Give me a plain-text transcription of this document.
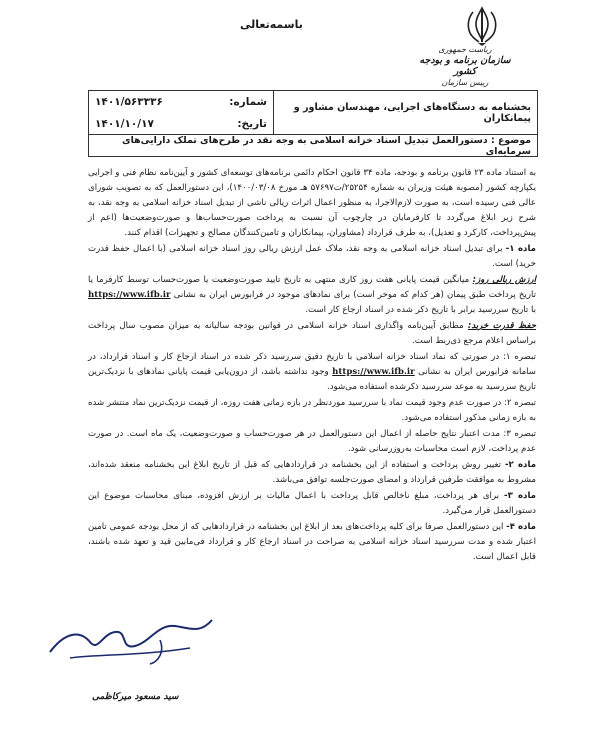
ریاست جمهوری
سازمان برنامه و بودجه کشور
رییس سازمان
باسمه‌تعالی
شماره:
۱۴۰۱/۵۶۳۳۳۶
تاریخ:
۱۴۰۱/۱۰/۱۷
بخشنامه به دستگاه‌های اجرایی، مهندسان مشاور و پیمانکاران
موضوع : دستورالعمل تبدیل اسناد خزانه اسلامی به وجه نقد در طرح‌های تملک دارایی‌های سرمایه‌ای

به استناد ماده ۲۳ قانون برنامه و بودجه، ماده ۳۴ قانون احکام دائمی برنامه‌های توسعه‌ای کشور و آیین‌نامه نظام فنی و اجرایی یکپارچه کشور (مصوبه هیئت وزیران به شماره ۲۵۲۵۴/ت۵۷۶۹۷ هـ مورخ ۱۴۰۰/۰۳/۰۸)، این دستورالعمل که به تصویب شورای عالی فنی رسیده است، به صورت لازم‌الاجرا، به منظور اعمال اثرات ریالی ناشی از تبدیل اسناد خزانه اسلامی به وجه نقد، به شرح زیر ابلاغ می‌گردد تا کارفرمایان در چارچوب آن نسبت به پرداخت صورت‌حساب‌ها و صورت‌وضعیت‌ها (اعم از پیش‌پرداخت، کارکرد و تعدیل)، به طرف قرارداد (مشاوران، پیمانکاران و تامین‌کنندگان مصالح و تجهیزات) اقدام کنند.

ماده ۱- برای تبدیل اسناد خزانه اسلامی به وجه نقد، ملاک عمل ارزش ریالی روز اسناد خزانه اسلامی (با اعمال حفظ قدرت خرید) است.

ارزش ریالی روز: میانگین قیمت پایانی هفت روز کاری منتهی به تاریخ تایید صورت‌وضعیت یا صورت‌حساب توسط کارفرما یا تاریخ پرداخت طبق پیمان (هر کدام که موخر است) برای نمادهای موجود در فرابورس ایران به نشانی https://www.ifb.ir با تاریخ سررسید برابر با تاریخ ذکر شده در اسناد ارجاع کار است.

حفظ قدرت خرید: مطابق آیین‌نامه واگذاری اسناد خزانه اسلامی در قوانین بودجه سالیانه به میزان مصوب سال پرداخت براساس اعلام مرجع ذی‌ربط است.

تبصره ۱: در صورتی که نماد اسناد خزانه اسلامی با تاریخ دقیق سررسید ذکر شده در اسناد ارجاع کار و اسناد قرارداد، در سامانه فرابورس ایران به نشانی https://www.ifb.ir وجود نداشته باشد، از درون‌یابی قیمت پایانی نمادهای با نزدیک‌ترین تاریخ سررسید به موعد سررسید ذکرشده استفاده می‌شود.

تبصره ۲: در صورت عدم وجود قیمت نماد با سررسید موردنظر در بازه زمانی هفت روزه، از قیمت نزدیک‌ترین نماد منتشر شده به بازه زمانی مذکور استفاده می‌شود.

تبصره ۳: مدت اعتبار نتایج حاصله از اعمال این دستورالعمل در هر صورت‌حساب و صورت‌وضعیت، یک ماه است. در صورت عدم پرداخت، لازم است محاسبات به‌روزرسانی شود.

ماده ۲- تغییر روش پرداخت و استفاده از این بخشنامه در قراردادهایی که قبل از تاریخ ابلاغ این بخشنامه منعقد شده‌اند، مشروط به موافقت طرفین قرارداد و امضای صورت‌جلسه توافق می‌باشد.

ماده ۳- برای هر پرداخت، مبلغ ناخالص قابل پرداخت با اعمال مالیات بر ارزش افزوده، مبنای محاسبات موضوع این دستورالعمل قرار می‌گیرد.

ماده ۴- این دستورالعمل صرفا برای کلیه پرداخت‌های بعد از ابلاغ این بخشنامه در قراردادهایی که از محل بودجه عمومی تامین اعتبار شده و مدت سررسید اسناد خزانه اسلامی به صراحت در اسناد ارجاع کار و قرارداد فی‌مابین قید و تعهد شده باشند، قابل اعمال است.

سید مسعود میرکاظمی
